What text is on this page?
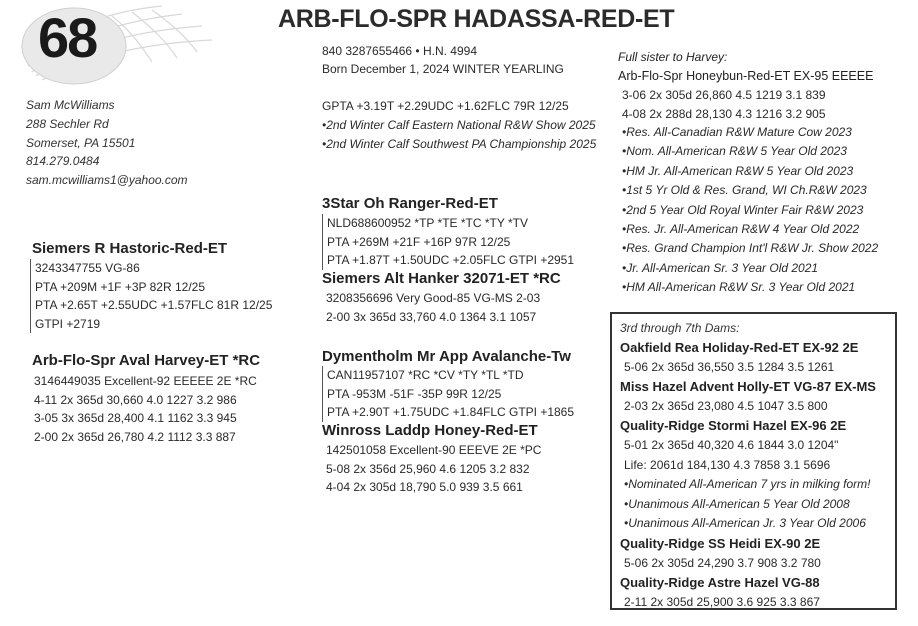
68	ARB-FLO-SPR HADASSA-RED-ET
840 3287655466 • H.N. 4994
Born December 1, 2024 WINTER YEARLING
GPTA +3.19T +2.29UDC +1.62FLC 79R 12/25
•2nd Winter Calf Eastern National R&W Show 2025
•2nd Winter Calf Southwest PA Championship 2025
Sam McWilliams
288 Sechler Rd
Somerset, PA 15501
814.279.0484
sam.mcwilliams1@yahoo.com
3Star Oh Ranger-Red-ET
NLD688600952 *TP *TE *TC *TY *TV
PTA +269M +21F +16P 97R 12/25
PTA +1.87T +1.50UDC +2.05FLC GTPI +2951
Siemers Alt Hanker 32071-ET *RC
3208356696 Very Good-85 VG-MS 2-03
2-00 3x 365d 33,760 4.0 1364 3.1 1057
Dymentholm Mr App Avalanche-Tw
CAN11957107 *RC *CV *TY *TL *TD
PTA -953M -51F -35P 99R 12/25
PTA +2.90T +1.75UDC +1.84FLC GTPI +1865
Winross Laddp Honey-Red-ET
142501058 Excellent-90 EEEVE 2E *PC
5-08 2x 356d 25,960 4.6 1205 3.2 832
4-04 2x 305d 18,790 5.0 939 3.5 661
Siemers R Hastoric-Red-ET
3243347755 VG-86
PTA +209M +1F +3P 82R 12/25
PTA +2.65T +2.55UDC +1.57FLC 81R 12/25
GTPI +2719
Arb-Flo-Spr Aval Harvey-ET *RC
3146449035 Excellent-92 EEEEE 2E *RC
4-11 2x 365d 30,660 4.0 1227 3.2 986
3-05 3x 365d 28,400 4.1 1162 3.3 945
2-00 2x 365d 26,780 4.2 1112 3.3 887
Full sister to Harvey:
Arb-Flo-Spr Honeybun-Red-ET EX-95 EEEEE
3-06 2x 305d 26,860 4.5 1219 3.1 839
4-08 2x 288d 28,130 4.3 1216 3.2 905
•Res. All-Canadian R&W Mature Cow 2023
•Nom. All-American R&W 5 Year Old 2023
•HM Jr. All-American R&W 5 Year Old 2023
•1st 5 Yr Old & Res. Grand, WI Ch.R&W 2023
•2nd 5 Year Old Royal Winter Fair R&W 2023
•Res. Jr. All-American R&W 4 Year Old 2022
•Res. Grand Champion Int'l R&W Jr. Show 2022
•Jr. All-American Sr. 3 Year Old 2021
•HM All-American R&W Sr. 3 Year Old 2021
3rd through 7th Dams:
Oakfield Rea Holiday-Red-ET EX-92 2E
5-06 2x 365d 36,550 3.5 1284 3.5 1261
Miss Hazel Advent Holly-ET VG-87 EX-MS
2-03 2x 365d 23,080 4.5 1047 3.5 800
Quality-Ridge Stormi Hazel EX-96 2E
5-01 2x 365d 40,320 4.6 1844 3.0 1204"
Life: 2061d 184,130 4.3 7858 3.1 5696
•Nominated All-American 7 yrs in milking form!
•Unanimous All-American 5 Year Old 2008
•Unanimous All-American Jr. 3 Year Old 2006
Quality-Ridge SS Heidi EX-90 2E
5-06 2x 305d 24,290 3.7 908 3.2 780
Quality-Ridge Astre Hazel VG-88
2-11 2x 305d 25,900 3.6 925 3.3 867
